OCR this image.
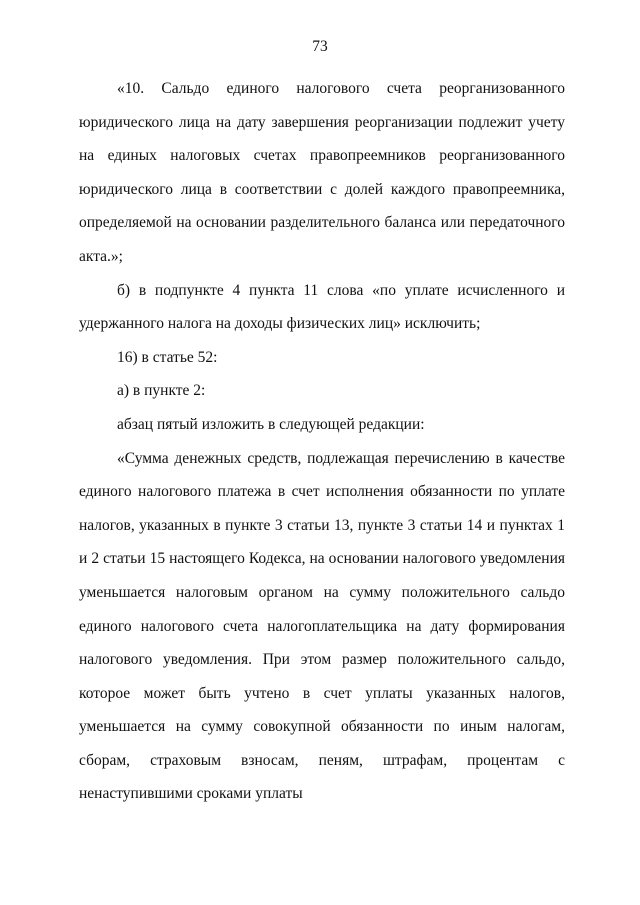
73

«10. Сальдо единого налогового счета реорганизованного юридического лица на дату завершения реорганизации подлежит учету на единых налоговых счетах правопреемников реорганизованного юридического лица в соответствии с долей каждого правопреемника, определяемой на основании разделительного баланса или передаточного акта.»;

б) в подпункте 4 пункта 11 слова «по уплате исчисленного и удержанного налога на доходы физических лиц» исключить;

16) в статье 52:

а) в пункте 2:

абзац пятый изложить в следующей редакции:

«Сумма денежных средств, подлежащая перечислению в качестве единого налогового платежа в счет исполнения обязанности по уплате налогов, указанных в пункте 3 статьи 13, пункте 3 статьи 14 и пунктах 1 и 2 статьи 15 настоящего Кодекса, на основании налогового уведомления уменьшается налоговым органом на сумму положительного сальдо единого налогового счета налогоплательщика на дату формирования налогового уведомления. При этом размер положительного сальдо, которое может быть учтено в счет уплаты указанных налогов, уменьшается на сумму совокупной обязанности по иным налогам, сборам, страховым взносам, пеням, штрафам, процентам с ненаступившими сроками уплаты
